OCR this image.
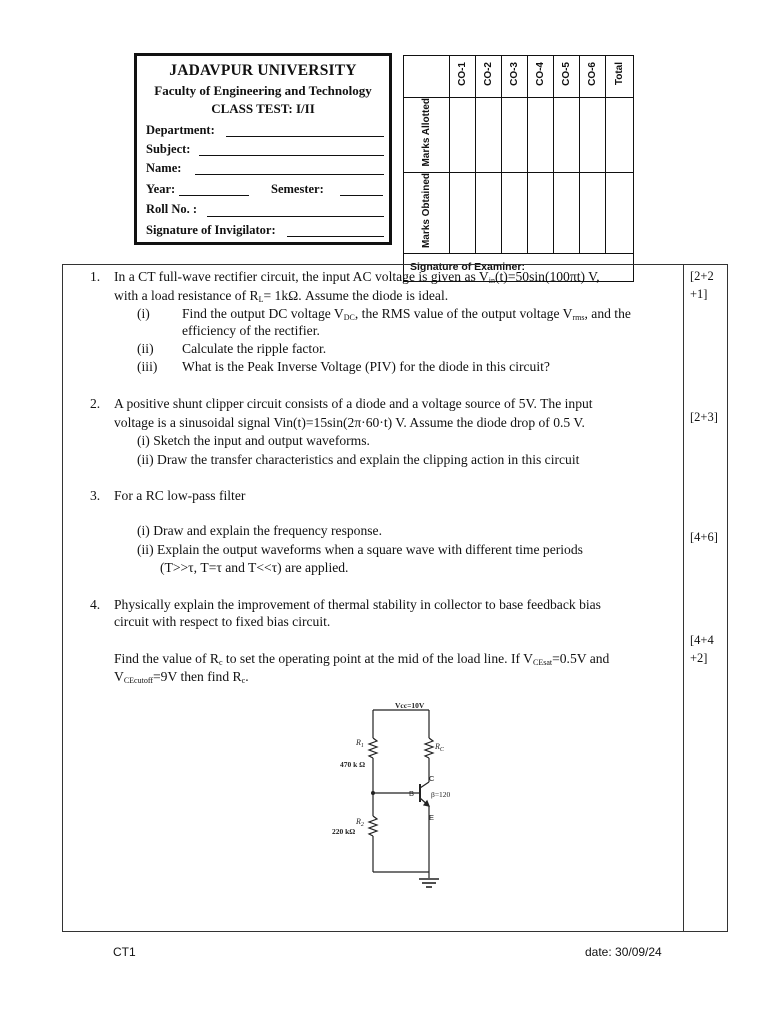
JADAVPUR UNIVERSITY
Faculty of Engineering and Technology
CLASS TEST: I/II
Department:
Subject:
Name:
Year:	Semester:
Roll No. :
Signature of Invigilator:
	CO-1	CO-2	CO-3	CO-4	CO-5	CO-6	Total
Marks Allotted							
Marks Obtained							
Signature of Examiner:							
1. In a CT full-wave rectifier circuit, the input AC voltage is given as $V_{in}(t)=50\sin(100\pi t)$ V,
with a load resistance of $R_L= 1k\Omega$. Assume the diode is ideal.
(i) Find the output DC voltage $V_{DC}$, the RMS value of the output voltage $V_{rms}$, and the
efficiency of the rectifier.
(ii) Calculate the ripple factor.
(iii) What is the Peak Inverse Voltage (PIV) for the diode in this circuit?
[2+2
+1]
2. A positive shunt clipper circuit consists of a diode and a voltage source of 5V. The input
voltage is a sinusoidal signal Vin(t)=15sin(2π·60·t) V. Assume the diode drop of 0.5 V.
(i) Sketch the input and output waveforms.
(ii) Draw the transfer characteristics and explain the clipping action in this circuit
[2+3]
3. For a RC low-pass filter
(i) Draw and explain the frequency response.
(ii) Explain the output waveforms when a square wave with different time periods
(T>>τ, T=τ and T<<τ) are applied.
[4+6]
4. Physically explain the improvement of thermal stability in collector to base feedback bias
circuit with respect to fixed bias circuit.
Find the value of $R_c$ to set the operating point at the mid of the load line. If $V_{CEsat}=0.5V$ and
$V_{CEcutoff}=9V$ then find $R_c$.
[4+4
+2]
Vcc=10V
$R_1$
470 k Ω
$R_2$
220 kΩ
$R_C$
C
B
E
β=120
CT1	date: 30/09/24
